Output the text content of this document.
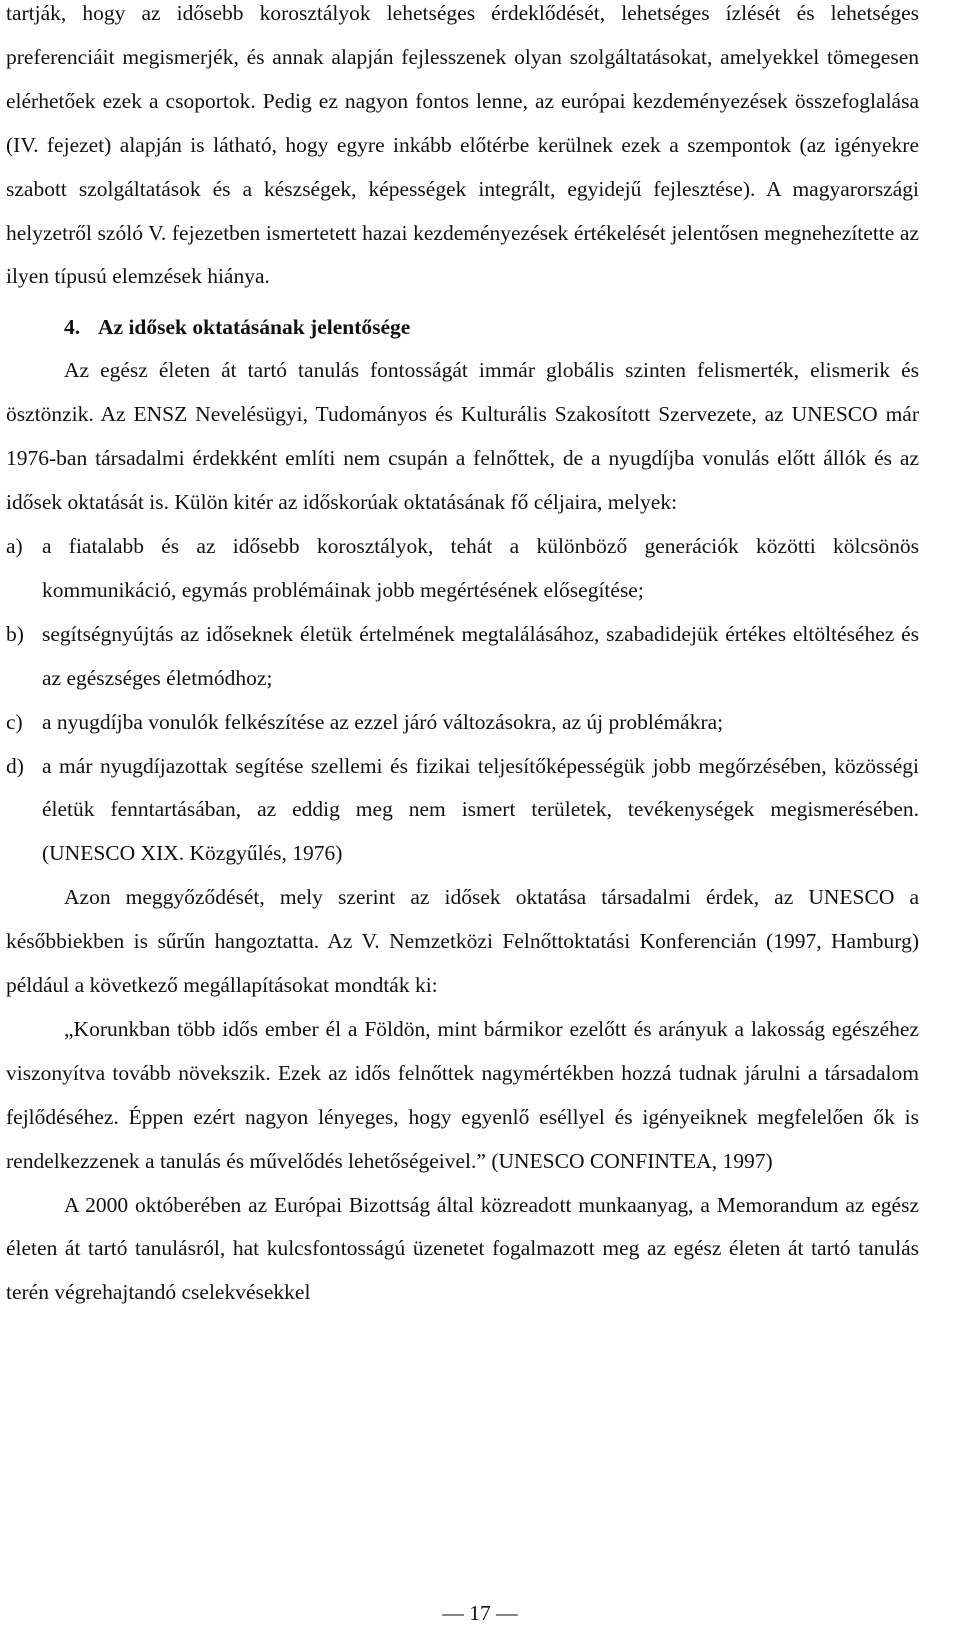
tartják, hogy az idősebb korosztályok lehetséges érdeklődését, lehetséges ízlését és lehetséges preferenciáit megismerjék, és annak alapján fejlesszenek olyan szolgáltatásokat, amelyekkel tömegesen elérhetőek ezek a csoportok. Pedig ez nagyon fontos lenne, az európai kezdeményezések összefoglalása (IV. fejezet) alapján is látható, hogy egyre inkább előtérbe kerülnek ezek a szempontok (az igényekre szabott szolgáltatások és a készségek, képességek integrált, egyidejű fejlesztése). A magyarországi helyzetről szóló V. fejezetben ismertetett hazai kezdeményezések értékelését jelentősen megnehezítette az ilyen típusú elemzések hiánya.

4. Az idősek oktatásának jelentősége

Az egész életen át tartó tanulás fontosságát immár globális szinten felismerték, elismerik és ösztönzik. Az ENSZ Nevelésügyi, Tudományos és Kulturális Szakosított Szervezete, az UNESCO már 1976-ban társadalmi érdekként említi nem csupán a felnőttek, de a nyugdíjba vonulás előtt állók és az idősek oktatását is. Külön kitér az időskorúak oktatásának fő céljaira, melyek:

a) a fiatalabb és az idősebb korosztályok, tehát a különböző generációk közötti kölcsönös kommunikáció, egymás problémáinak jobb megértésének elősegítése;
b) segítségnyújtás az időseknek életük értelmének megtalálásához, szabadidejük értékes eltöltéséhez és az egészséges életmódhoz;
c) a nyugdíjba vonulók felkészítése az ezzel járó változásokra, az új problémákra;
d) a már nyugdíjazottak segítése szellemi és fizikai teljesítőképességük jobb megőrzésében, közösségi életük fenntartásában, az eddig meg nem ismert területek, tevékenységek megismerésében. (UNESCO XIX. Közgyűlés, 1976)

Azon meggyőződését, mely szerint az idősek oktatása társadalmi érdek, az UNESCO a későbbiekben is sűrűn hangoztatta. Az V. Nemzetközi Felnőttoktatási Konferencián (1997, Hamburg) például a következő megállapításokat mondták ki:

„Korunkban több idős ember él a Földön, mint bármikor ezelőtt és arányuk a lakosság egészéhez viszonyítva tovább növekszik. Ezek az idős felnőttek nagymértékben hozzá tudnak járulni a társadalom fejlődéséhez. Éppen ezért nagyon lényeges, hogy egyenlő eséllyel és igényeiknek megfelelően ők is rendelkezzenek a tanulás és művelődés lehetőségeivel.” (UNESCO CONFINTEA, 1997)

A 2000 októberében az Európai Bizottság által közreadott munkaanyag, a Memorandum az egész életen át tartó tanulásról, hat kulcsfontosságú üzenetet fogalmazott meg az egész életen át tartó tanulás terén végrehajtandó cselekvésekkel

— 17 —
